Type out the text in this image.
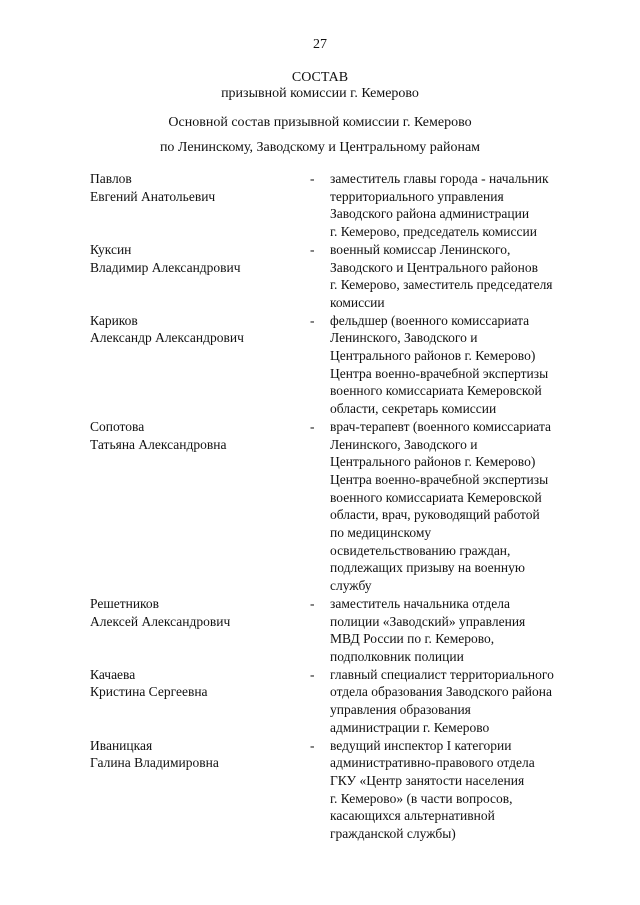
27
СОСТАВ
призывной комиссии г. Кемерово
Основной состав призывной комиссии г. Кемерово
по Ленинскому, Заводскому и Центральному районам
Павлов
Евгений Анатольевич
-	заместитель главы города - начальник
территориального управления
Заводского района администрации
г. Кемерово, председатель комиссии
Куксин
Владимир Александрович
-	военный комиссар Ленинского,
Заводского и Центрального районов
г. Кемерово, заместитель председателя
комиссии
Кариков
Александр Александрович
-	фельдшер (военного комиссариата
Ленинского, Заводского и
Центрального районов г. Кемерово)
Центра военно-врачебной экспертизы
военного комиссариата Кемеровской
области, секретарь комиссии
Сопотова
Татьяна Александровна
-	врач-терапевт (военного комиссариата
Ленинского, Заводского и
Центрального районов г. Кемерово)
Центра военно-врачебной экспертизы
военного комиссариата Кемеровской
области, врач, руководящий работой
по медицинскому
освидетельствованию граждан,
подлежащих призыву на военную
службу
Решетников
Алексей Александрович
-	заместитель начальника отдела
полиции «Заводский» управления
МВД России по г. Кемерово,
подполковник полиции
Качаева
Кристина Сергеевна
-	главный специалист территориального
отдела образования Заводского района
управления образования
администрации г. Кемерово
Иваницкая
Галина Владимировна
-	ведущий инспектор I категории
административно-правового отдела
ГКУ «Центр занятости населения
г. Кемерово» (в части вопросов,
касающихся альтернативной
гражданской службы)
